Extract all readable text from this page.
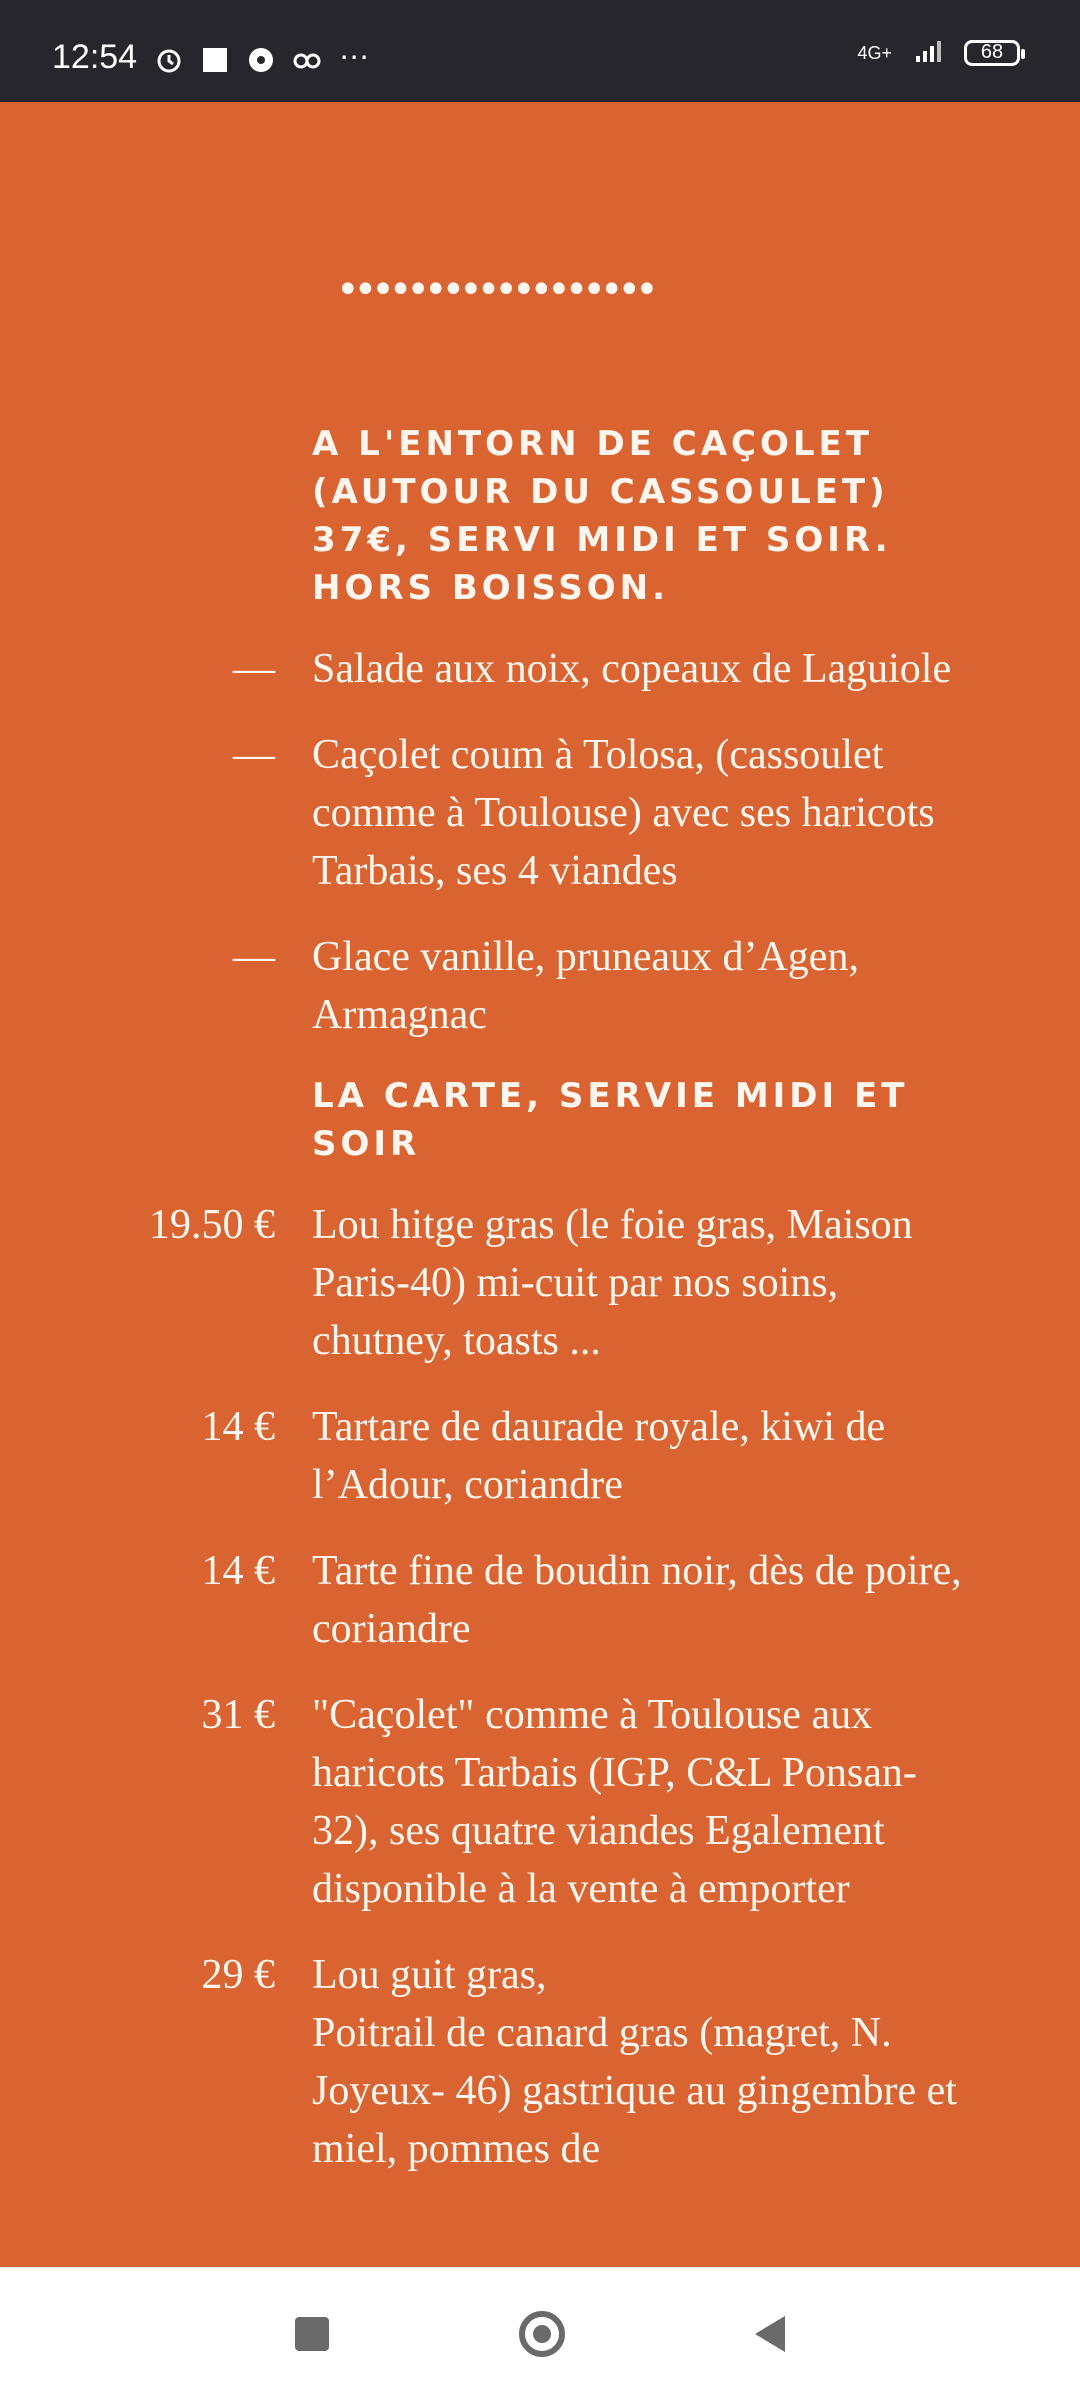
12:54	⋯	4G+	68
••••••••••••••••••
A L'ENTORN DE CAÇOLET (AUTOUR DU CASSOULET) 37€, SERVI MIDI ET SOIR. HORS BOISSON.
— Salade aux noix, copeaux de Laguiole
— Caçolet coum à Tolosa, (cassoulet comme à Toulouse) avec ses haricots Tarbais, ses 4 viandes
— Glace vanille, pruneaux d’Agen, Armagnac
LA CARTE, SERVIE MIDI ET SOIR
19.50 € Lou hitge gras (le foie gras, Maison Paris-40) mi-cuit par nos soins, chutney, toasts ...
14 € Tartare de daurade royale, kiwi de l’Adour, coriandre
14 € Tarte fine de boudin noir, dès de poire, coriandre
31 € "Caçolet" comme à Toulouse aux haricots Tarbais (IGP, C&L Ponsan-32), ses quatre viandes Egalement disponible à la vente à emporter
29 € Lou guit gras,
Poitrail de canard gras (magret, N. Joyeux- 46) gastrique au gingembre et miel, pommes de
